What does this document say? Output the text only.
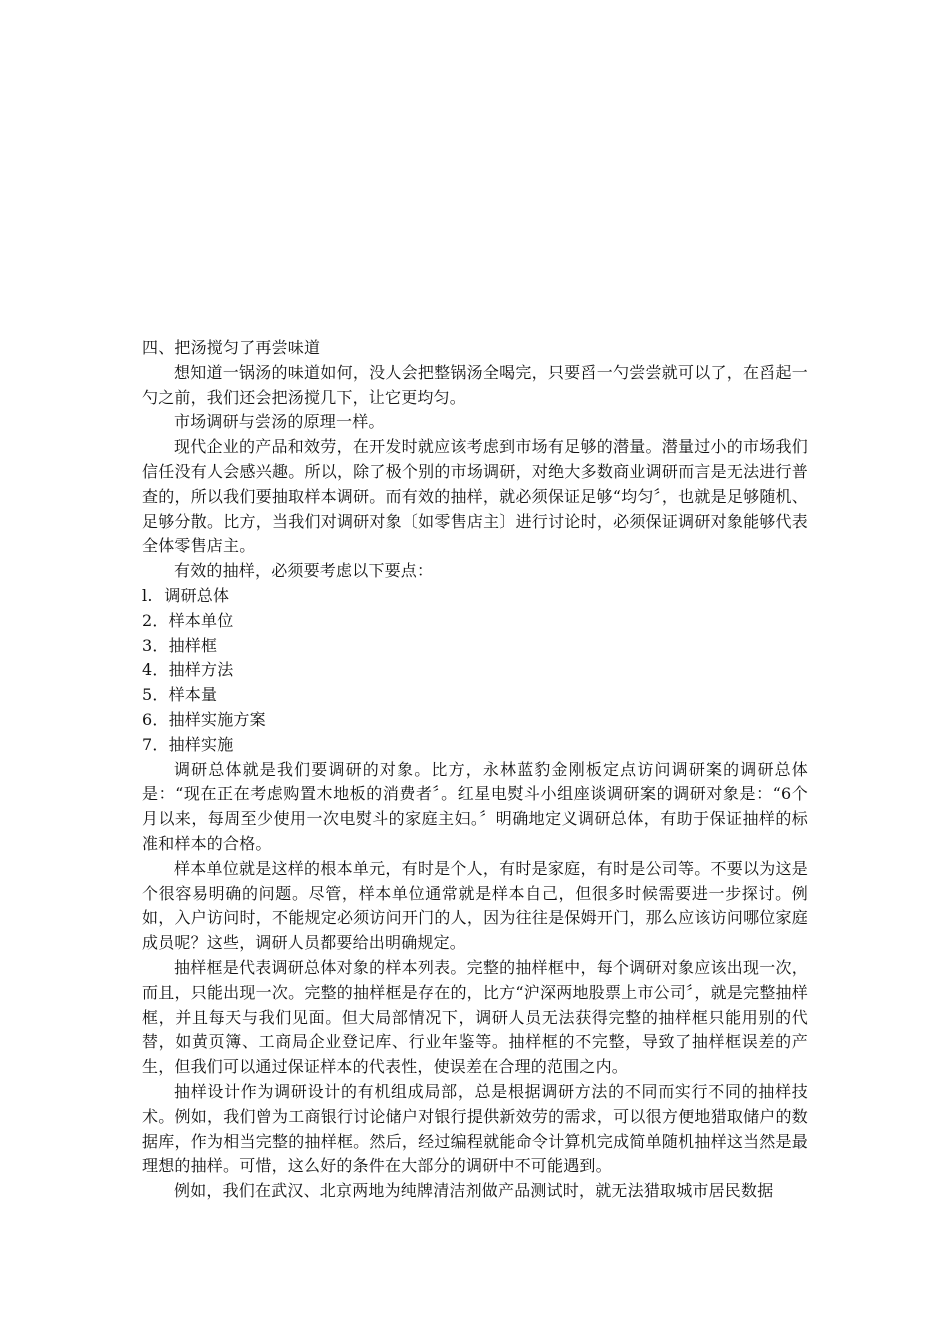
四、把汤搅匀了再尝味道

想知道一锅汤的味道如何，没人会把整锅汤全喝完，只要舀一勺尝尝就可以了，在舀起一勺之前，我们还会把汤搅几下，让它更均匀。

市场调研与尝汤的原理一样。

现代企业的产品和效劳，在开发时就应该考虑到市场有足够的潜量。潜量过小的市场我们信任没有人会感兴趣。所以，除了极个别的市场调研，对绝大多数商业调研而言是无法进行普查的，所以我们要抽取样本调研。而有效的抽样，就必须保证足够“均匀〞，也就是足够随机、足够分散。比方，当我们对调研对象〔如零售店主〕进行讨论时，必须保证调研对象能够代表全体零售店主。

有效的抽样，必须要考虑以下要点：

l. 调研总体

2．样本单位

3．抽样框

4．抽样方法

5．样本量

6．抽样实施方案

7．抽样实施

调研总体就是我们要调研的对象。比方，永林蓝豹金刚板定点访问调研案的调研总体是：“现在正在考虑购置木地板的消费者〞。红星电熨斗小组座谈调研案的调研对象是：“6个月以来，每周至少使用一次电熨斗的家庭主妇。〞明确地定义调研总体，有助于保证抽样的标准和样本的合格。

样本单位就是这样的根本单元，有时是个人，有时是家庭，有时是公司等。不要以为这是个很容易明确的问题。尽管，样本单位通常就是样本自己，但很多时候需要进一步探讨。例如，入户访问时，不能规定必须访问开门的人，因为往往是保姆开门，那么应该访问哪位家庭成员呢？这些，调研人员都要给出明确规定。

抽样框是代表调研总体对象的样本列表。完整的抽样框中，每个调研对象应该出现一次，而且，只能出现一次。完整的抽样框是存在的，比方“沪深两地股票上市公司〞，就是完整抽样框，并且每天与我们见面。但大局部情况下，调研人员无法获得完整的抽样框只能用别的代替，如黄页簿、工商局企业登记库、行业年鉴等。抽样框的不完整，导致了抽样框误差的产生，但我们可以通过保证样本的代表性，使误差在合理的范围之内。

抽样设计作为调研设计的有机组成局部，总是根据调研方法的不同而实行不同的抽样技术。例如，我们曾为工商银行讨论储户对银行提供新效劳的需求，可以很方便地猎取储户的数据库，作为相当完整的抽样框。然后，经过编程就能命令计算机完成简单随机抽样这当然是最理想的抽样。可惜，这么好的条件在大部分的调研中不可能遇到。

例如，我们在武汉、北京两地为纯牌清洁剂做产品测试时，就无法猎取城市居民数据
